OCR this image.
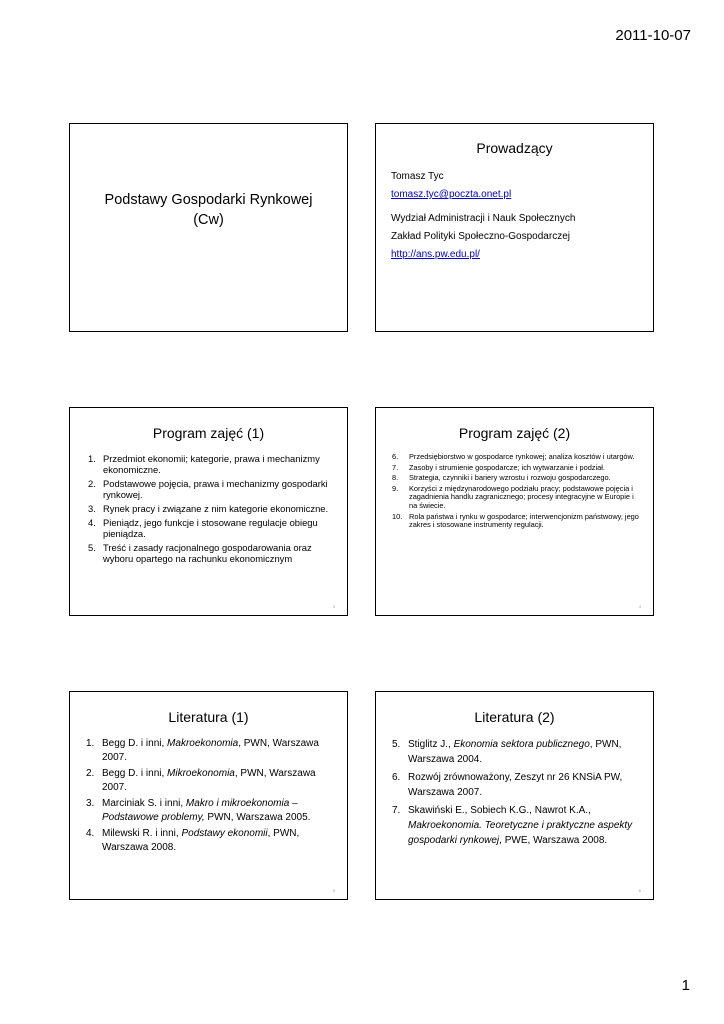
2011-10-07
Podstawy Gospodarki Rynkowej
(Cw)
Prowadzący
Tomasz Tyc
tomasz.tyc@poczta.onet.pl
Wydział Administracji i Nauk Społecznych
Zakład Polityki Społeczno-Gospodarczej
http://ans.pw.edu.pl/
Program zajęć (1)
1. Przedmiot ekonomii; kategorie, prawa i mechanizmy ekonomiczne.
2. Podstawowe pojęcia, prawa i mechanizmy gospodarki rynkowej.
3. Rynek pracy i związane z nim kategorie ekonomiczne.
4. Pieniądz, jego funkcje i stosowane regulacje obiegu pieniądza.
5. Treść i zasady racjonalnego gospodarowania oraz wyboru opartego na rachunku ekonomicznym
3
Program zajęć (2)
6. Przedsiębiorstwo w gospodarce rynkowej; analiza kosztów i utargów.
7. Zasoby i strumienie gospodarcze; ich wytwarzanie i podział.
8. Strategia, czynniki i bariery wzrostu i rozwoju gospodarczego.
9. Korzyści z międzynarodowego podziału pracy; podstawowe pojęcia i zagadnienia handlu zagranicznego; procesy integracyjne w Europie i na świecie.
10. Rola państwa i rynku w gospodarce; interwencjonizm państwowy, jego zakres i stosowane instrumenty regulacji.
4
Literatura (1)
1. Begg D. i inni, Makroekonomia, PWN, Warszawa 2007.
2. Begg D. i inni, Mikroekonomia, PWN, Warszawa 2007.
3. Marciniak S. i inni, Makro i mikroekonomia – Podstawowe problemy, PWN, Warszawa 2005.
4. Milewski R. i inni, Podstawy ekonomii, PWN, Warszawa 2008.
5
Literatura (2)
5. Stiglitz J., Ekonomia sektora publicznego, PWN, Warszawa 2004.
6. Rozwój zrównoważony, Zeszyt nr 26 KNSiA PW, Warszawa 2007.
7. Skawiński E., Sobiech K.G., Nawrot K.A., Makroekonomia. Teoretyczne i praktyczne aspekty gospodarki rynkowej, PWE, Warszawa 2008.
6
1
